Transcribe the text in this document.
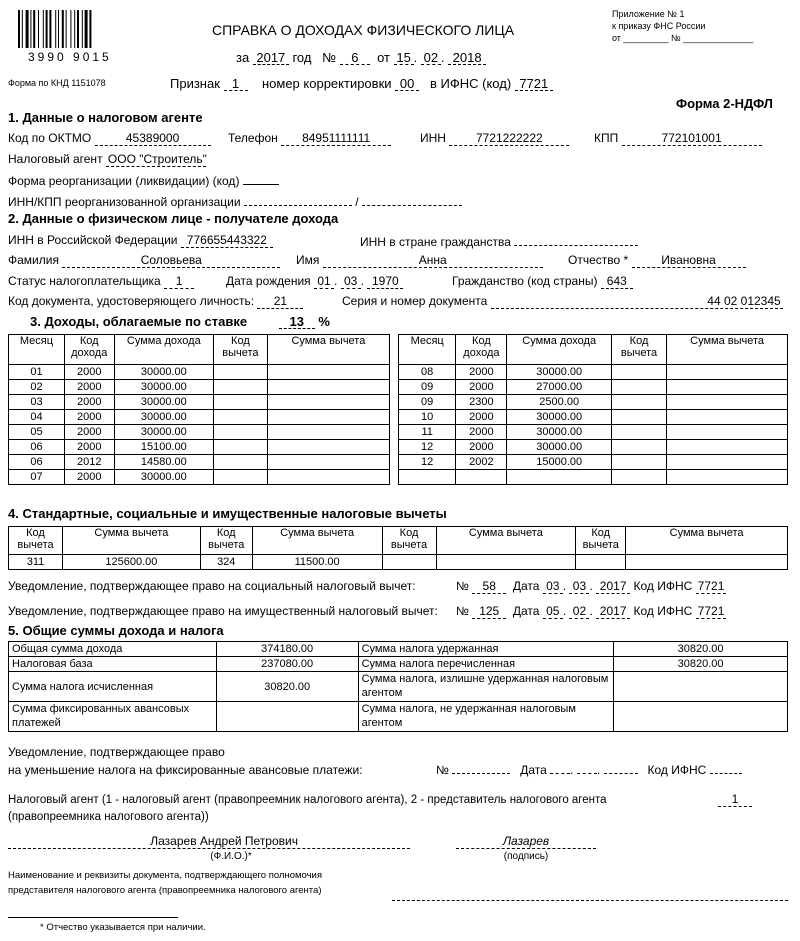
3990 9015
Форма по КНД 1151078
СПРАВКА О ДОХОДАХ ФИЗИЧЕСКОГО ЛИЦА
за 2017 год № 6 от 15 . 02 . 2018
Приложение № 1
к приказу ФНС России
от _________ № ______________
Признак 1 номер корректировки 00 в ИФНС (код) 7721
Форма 2-НДФЛ
1. Данные о налоговом агенте
Код по ОКТМО	45389000	Телефон 84951111111	ИНН 7721222222	КПП	772101001
Налоговый агент ООО "Строитель"
Форма реорганизации (ликвидации) (код)
ИНН/КПП реорганизованной организации	/
2. Данные о физическом лице - получателе дохода
ИНН в Российской Федерации 776655443322	ИНН в стране гражданства
Фамилия	Соловьева	Имя	Анна	Отчество *	Ивановна
Статус налогоплательщика 1	Дата рождения 01 . 03 . 1970	Гражданство (код страны) 643
Код документа, удостоверяющего личность: 21	Серия и номер документа	44 02 012345
3. Доходы, облагаемые по ставке	13 %
Месяц	Код дохода	Сумма дохода	Код вычета	Сумма вычета
01	2000	30000.00		
02	2000	30000.00		
03	2000	30000.00		
04	2000	30000.00		
05	2000	30000.00		
06	2000	15100.00		
06	2012	14580.00		
07	2000	30000.00		
Месяц	Код дохода	Сумма дохода	Код вычета	Сумма вычета
08	2000	30000.00		
09	2000	27000.00		
09	2300	2500.00		
10	2000	30000.00		
11	2000	30000.00		
12	2000	30000.00		
12	2002	15000.00		

4. Стандартные, социальные и имущественные налоговые вычеты
Код вычета	Сумма вычета	Код вычета	Сумма вычета	Код вычета	Сумма вычета	Код вычета	Сумма вычета
311	125600.00	324	11500.00				
Уведомление, подтверждающее право на социальный налоговый вычет:	№ 58 Дата 03 . 03 . 2017 Код ИФНС 7721
Уведомление, подтверждающее право на имущественный налоговый вычет: № 125 Дата 05 . 02 . 2017 Код ИФНС 7721
5. Общие суммы дохода и налога
Общая сумма дохода	374180.00	Сумма налога удержанная	30820.00
Налоговая база	237080.00	Сумма налога перечисленная	30820.00
Сумма налога исчисленная	30820.00	Сумма налога, излишне удержанная налоговым агентом	
Сумма фиксированных авансовых платежей		Сумма налога, не удержанная налоговым агентом	
Уведомление, подтверждающее право
на уменьшение налога на фиксированные авансовые платежи:	№	Дата . .	Код ИФНС
Налоговый агент (1 - налоговый агент (правопреемник налогового агента), 2 - представитель налогового агента
(правопреемника налогового агента))
1
Лазарев Андрей Петрович
(Ф.И.О.)*
Лазарев
(подпись)
Наименование и реквизиты документа, подтверждающего полномочия
представителя налогового агента (правопреемника налогового агента)
* Отчество указывается при наличии.
